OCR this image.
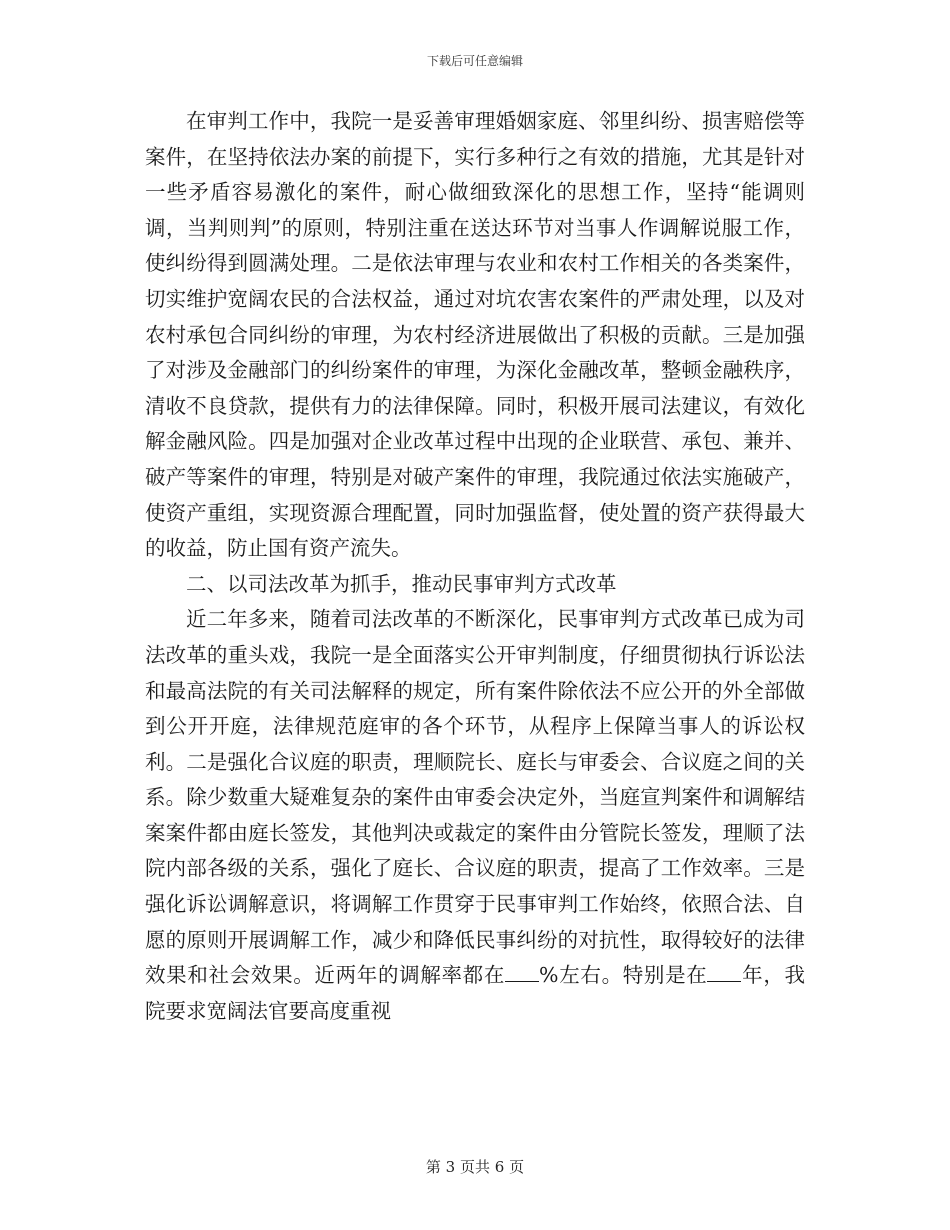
下载后可任意编辑

在审判工作中，我院一是妥善审理婚姻家庭、邻里纠纷、损害赔偿等案件，在坚持依法办案的前提下，实行多种行之有效的措施，尤其是针对一些矛盾容易激化的案件，耐心做细致深化的思想工作，坚持“能调则调，当判则判”的原则，特别注重在送达环节对当事人作调解说服工作，使纠纷得到圆满处理。二是依法审理与农业和农村工作相关的各类案件，切实维护宽阔农民的合法权益，通过对坑农害农案件的严肃处理，以及对农村承包合同纠纷的审理，为农村经济进展做出了积极的贡献。三是加强了对涉及金融部门的纠纷案件的审理，为深化金融改革，整顿金融秩序，清收不良贷款，提供有力的法律保障。同时，积极开展司法建议，有效化解金融风险。四是加强对企业改革过程中出现的企业联营、承包、兼并、破产等案件的审理，特别是对破产案件的审理，我院通过依法实施破产，使资产重组，实现资源合理配置，同时加强监督，使处置的资产获得最大的收益，防止国有资产流失。

二、以司法改革为抓手，推动民事审判方式改革

近二年多来，随着司法改革的不断深化，民事审判方式改革已成为司法改革的重头戏，我院一是全面落实公开审判制度，仔细贯彻执行诉讼法和最高法院的有关司法解释的规定，所有案件除依法不应公开的外全部做到公开开庭，法律规范庭审的各个环节，从程序上保障当事人的诉讼权利。二是强化合议庭的职责，理顺院长、庭长与审委会、合议庭之间的关系。除少数重大疑难复杂的案件由审委会决定外，当庭宣判案件和调解结案案件都由庭长签发，其他判决或裁定的案件由分管院长签发，理顺了法院内部各级的关系，强化了庭长、合议庭的职责，提高了工作效率。三是强化诉讼调解意识，将调解工作贯穿于民事审判工作始终，依照合法、自愿的原则开展调解工作，减少和降低民事纠纷的对抗性，取得较好的法律效果和社会效果。近两年的调解率都在 %左右。特别是在 年，我院要求宽阔法官要高度重视

第 3 页共 6 页
